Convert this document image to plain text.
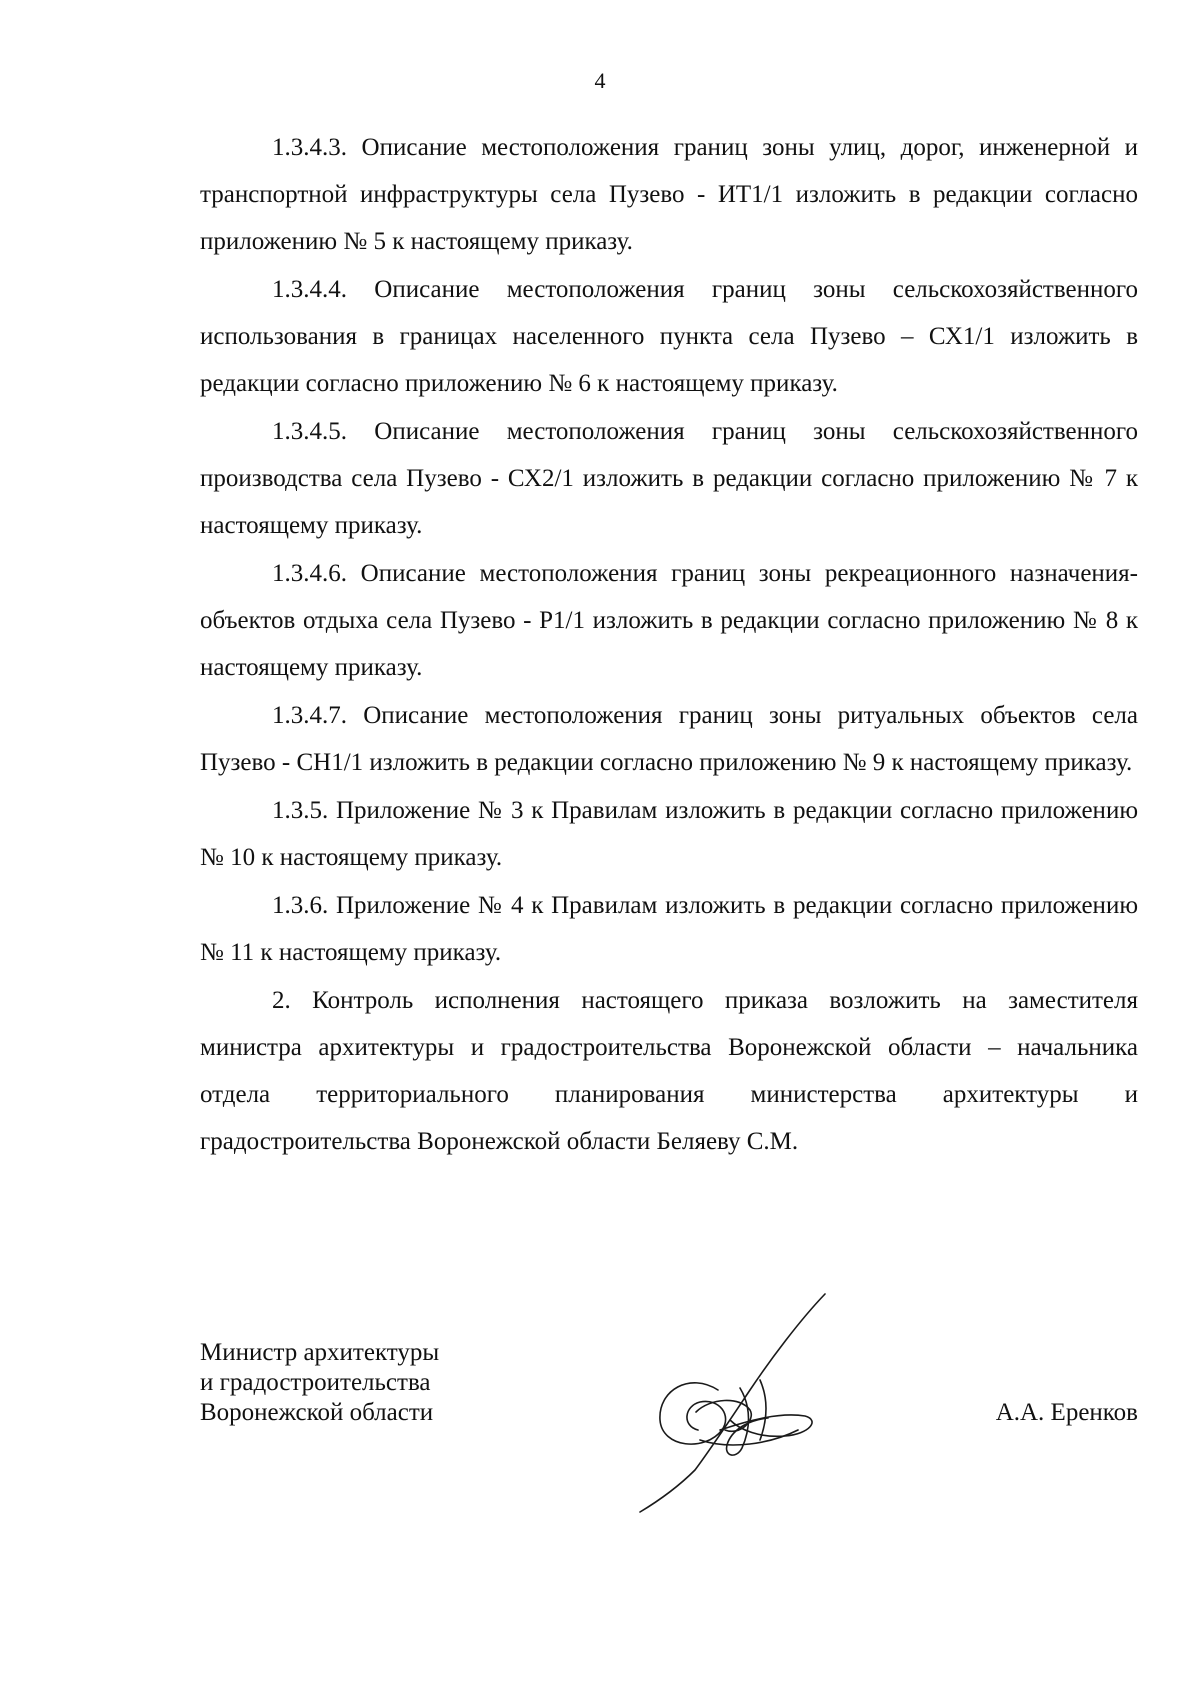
4

1.3.4.3. Описание местоположения границ зоны улиц, дорог, инженерной и транспортной инфраструктуры села Пузево - ИТ1/1 изложить в редакции согласно приложению № 5 к настоящему приказу.

1.3.4.4. Описание местоположения границ зоны сельскохозяйственного использования в границах населенного пункта села Пузево – СХ1/1 изложить в редакции согласно приложению № 6 к настоящему приказу.

1.3.4.5. Описание местоположения границ зоны сельскохозяйственного производства села Пузево - СХ2/1 изложить в редакции согласно приложению № 7 к настоящему приказу.

1.3.4.6. Описание местоположения границ зоны рекреационного назначения-объектов отдыха села Пузево - Р1/1 изложить в редакции согласно приложению № 8 к настоящему приказу.

1.3.4.7. Описание местоположения границ зоны ритуальных объектов села Пузево - СН1/1 изложить в редакции согласно приложению № 9 к настоящему приказу.

1.3.5. Приложение № 3 к Правилам изложить в редакции согласно приложению № 10 к настоящему приказу.

1.3.6. Приложение № 4 к Правилам изложить в редакции согласно приложению № 11 к настоящему приказу.

2. Контроль исполнения настоящего приказа возложить на заместителя министра архитектуры и градостроительства Воронежской области – начальника отдела территориального планирования министерства архитектуры и градостроительства Воронежской области Беляеву С.М.

Министр архитектуры
и градостроительства
Воронежской области	А.А. Еренков
